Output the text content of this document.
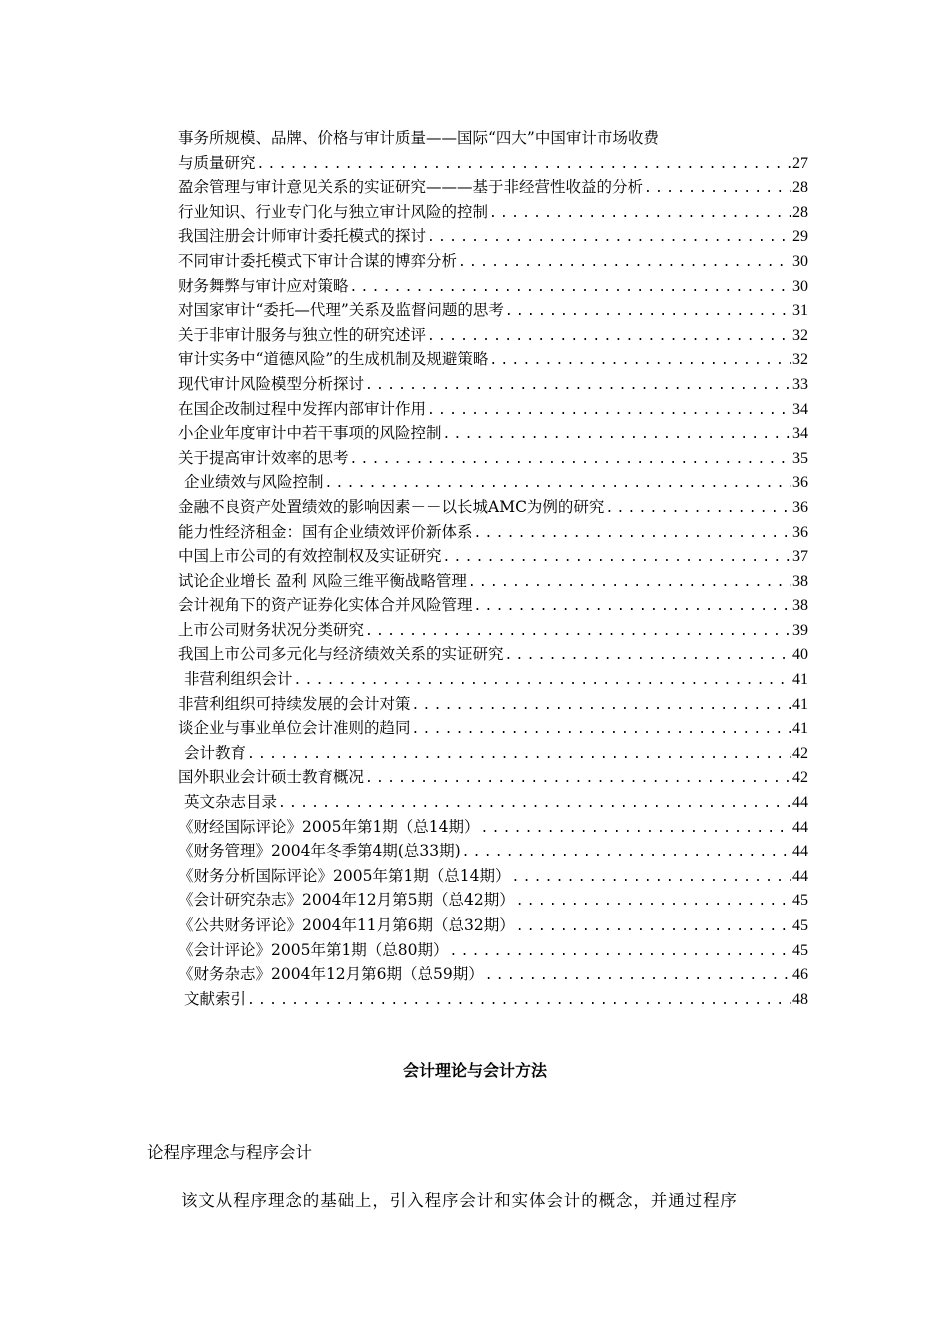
事务所规模、品牌、价格与审计质量——国际“四大”中国审计市场收费
与质量研究 .....	27
盈余管理与审计意见关系的实证研究———基于非经营性收益的分析 .....	28
行业知识、行业专门化与独立审计风险的控制 .....	28
我国注册会计师审计委托模式的探讨 .....	29
不同审计委托模式下审计合谋的博弈分析 .....	30
财务舞弊与审计应对策略 .....	30
对国家审计“委托—代理”关系及监督问题的思考 .....	31
关于非审计服务与独立性的研究述评 .....	32
审计实务中“道德风险”的生成机制及规避策略 .....	32
现代审计风险模型分析探讨 .....	33
在国企改制过程中发挥内部审计作用 .....	34
小企业年度审计中若干事项的风险控制 .....	34
关于提高审计效率的思考 .....	35
企业绩效与风险控制 .....	36
金融不良资产处置绩效的影响因素－－以长城AMC为例的研究 .....	36
能力性经济租金：国有企业绩效评价新体系 .....	36
中国上市公司的有效控制权及实证研究 .....	37
试论企业增长 盈利 风险三维平衡战略管理 .....	38
会计视角下的资产证券化实体合并风险管理 .....	38
上市公司财务状况分类研究 .....	39
我国上市公司多元化与经济绩效关系的实证研究 .....	40
非营利组织会计 .....	41
非营利组织可持续发展的会计对策 .....	41
谈企业与事业单位会计准则的趋同 .....	41
会计教育 .....	42
国外职业会计硕士教育概况 .....	42
英文杂志目录 .....	44
《财经国际评论》2005年第1期（总14期） .....	44
《财务管理》2004年冬季第4期(总33期) .....	44
《财务分析国际评论》2005年第1期（总14期） .....	44
《会计研究杂志》2004年12月第5期（总42期） .....	45
《公共财务评论》2004年11月第6期（总32期） .....	45
《会计评论》2005年第1期（总80期） .....	45
《财务杂志》2004年12月第6期（总59期） .....	46
文献索引 .....	48
会计理论与会计方法
论程序理念与程序会计
该文从程序理念的基础上，引入程序会计和实体会计的概念，并通过程序
